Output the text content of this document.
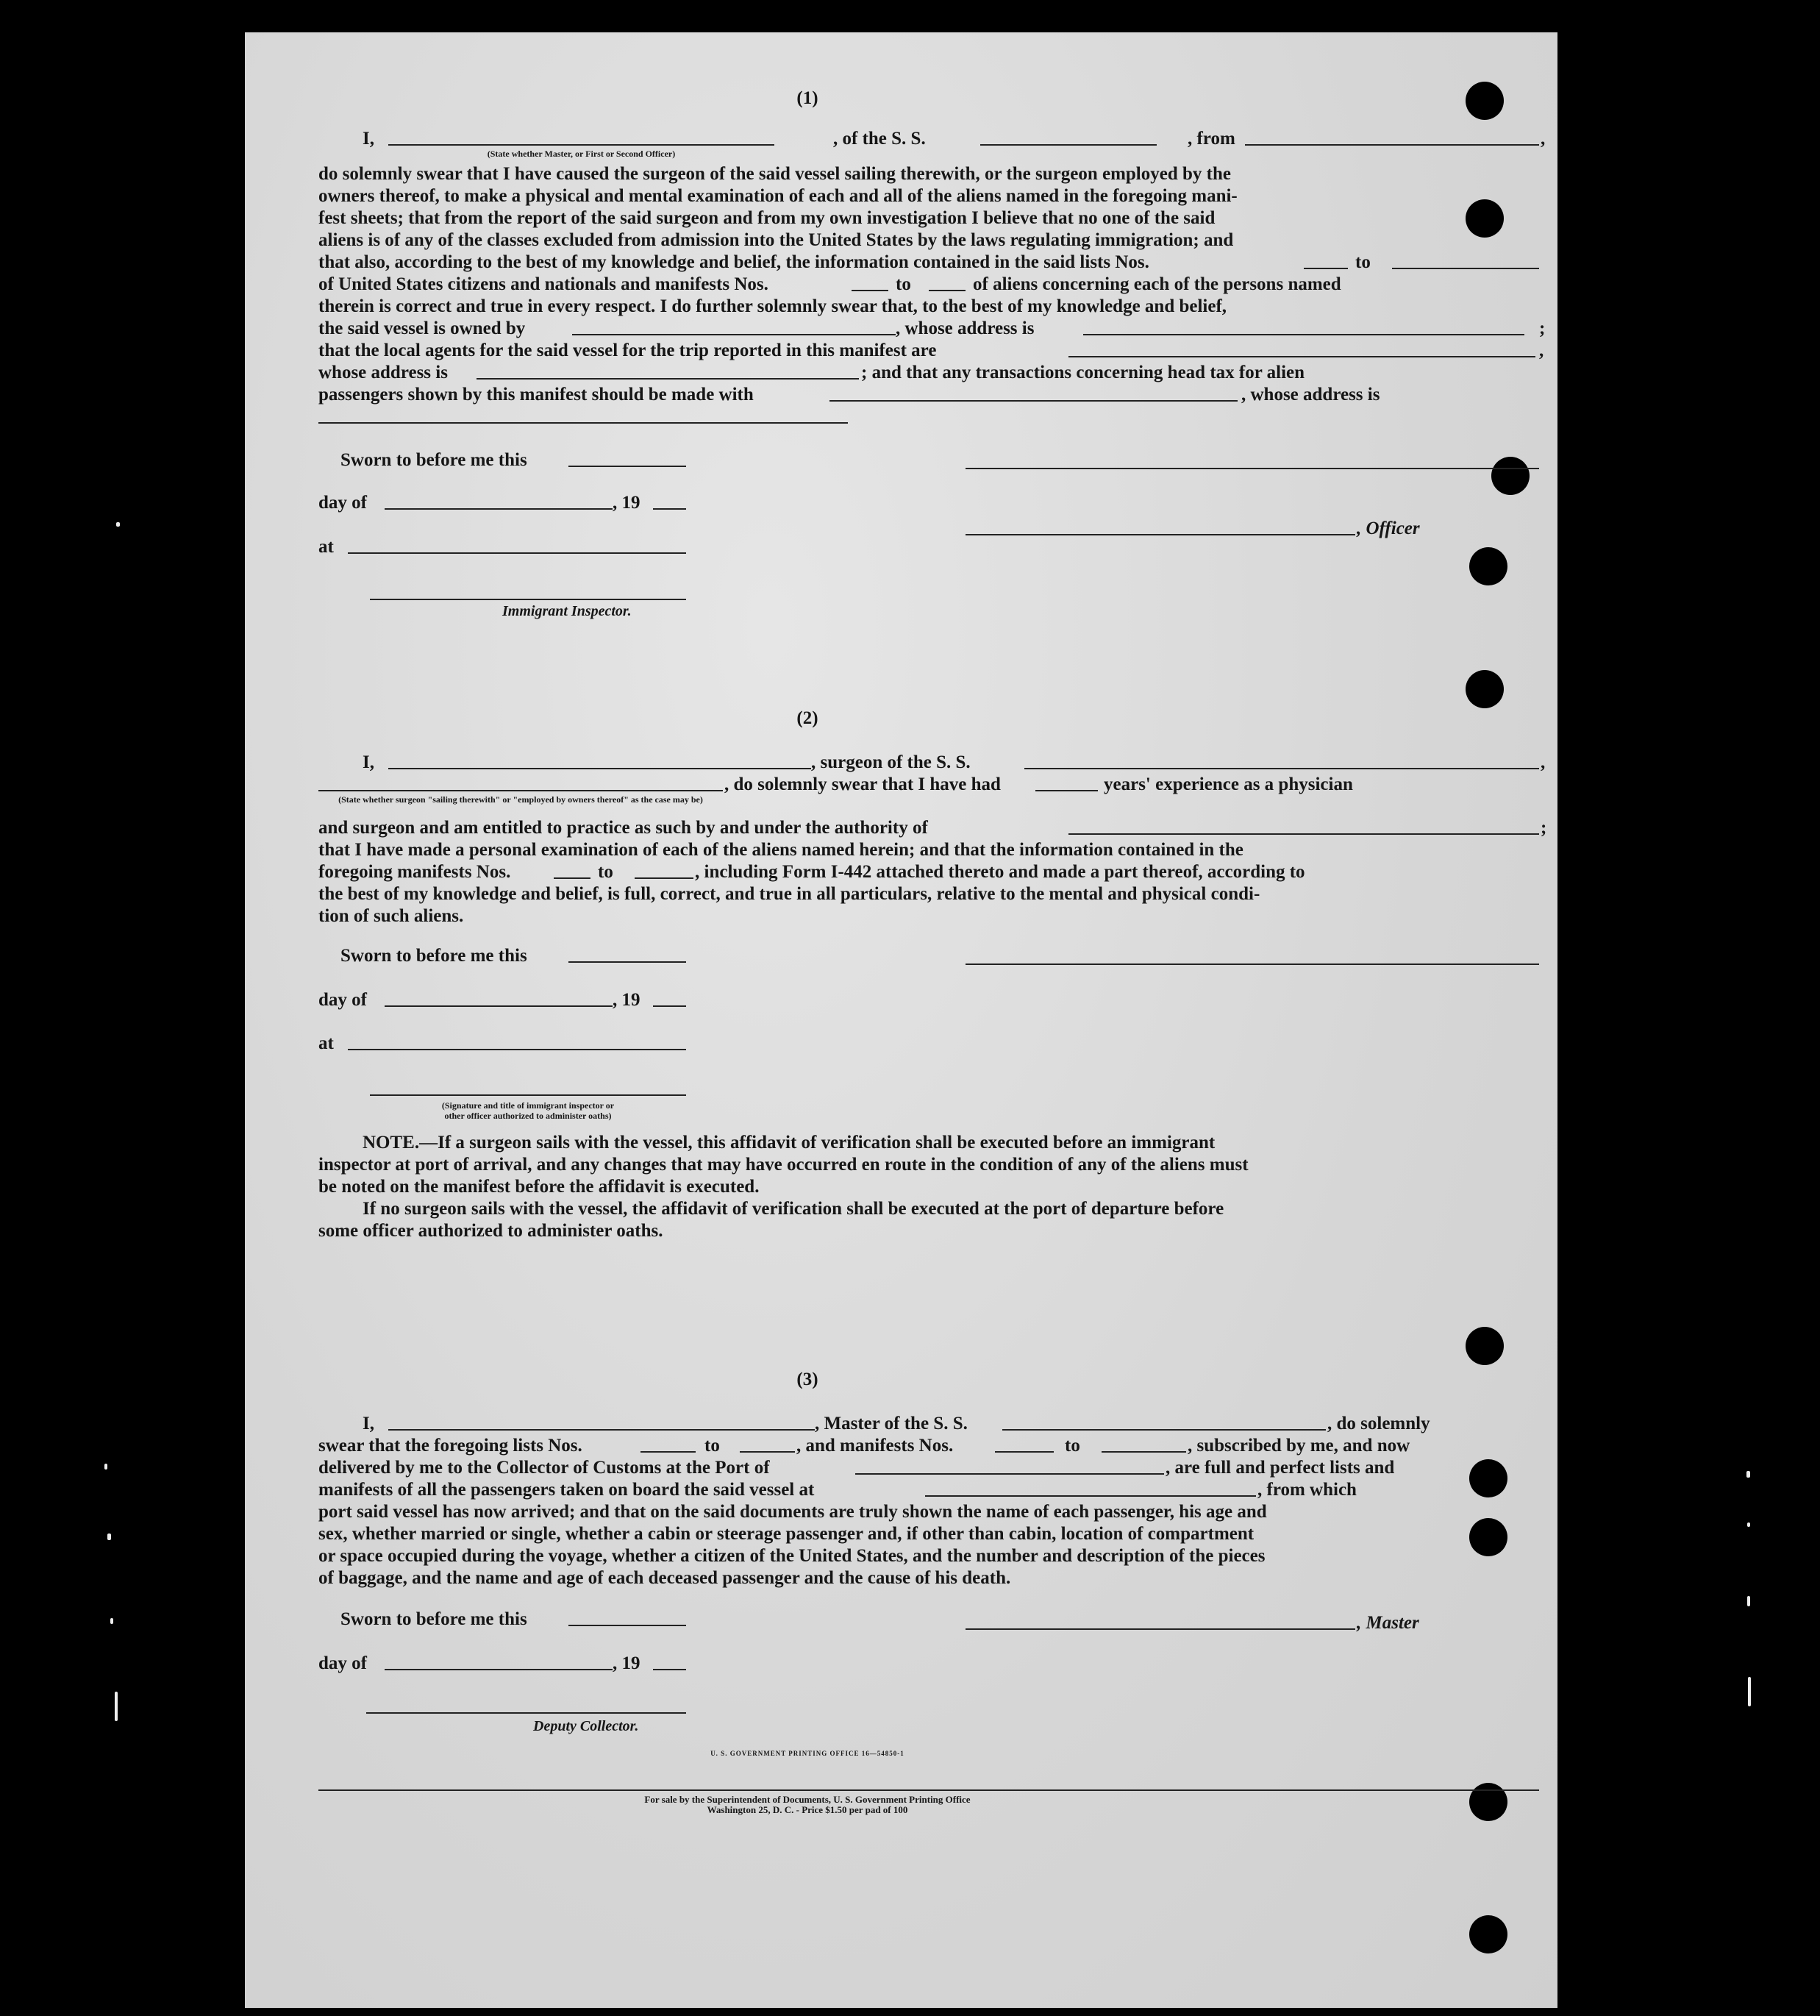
(1)
I,	, of the S. S.	, from	,
(State whether Master, or First or Second Officer)
do solemnly swear that I have caused the surgeon of the said vessel sailing therewith, or the surgeon employed by the
owners thereof, to make a physical and mental examination of each and all of the aliens named in the foregoing mani-
fest sheets; that from the report of the said surgeon and from my own investigation I believe that no one of the said
aliens is of any of the classes excluded from admission into the United States by the laws regulating immigration; and
that also, according to the best of my knowledge and belief, the information contained in the said lists Nos.	to
of United States citizens and nationals and manifests Nos.	to	of aliens concerning each of the persons named
therein is correct and true in every respect. I do further solemnly swear that, to the best of my knowledge and belief,
the said vessel is owned by	, whose address is	;
that the local agents for the said vessel for the trip reported in this manifest are	,
whose address is	; and that any transactions concerning head tax for alien
passengers shown by this manifest should be made with	, whose address is
Sworn to before me this
day of	, 19
, Officer
at
Immigrant Inspector.
(2)
I,	, surgeon of the S. S.	,
, do solemnly swear that I have had	years' experience as a physician
(State whether surgeon "sailing therewith" or "employed by owners thereof" as the case may be)
and surgeon and am entitled to practice as such by and under the authority of	;
that I have made a personal examination of each of the aliens named herein; and that the information contained in the
foregoing manifests Nos.	to	, including Form I-442 attached thereto and made a part thereof, according to
the best of my knowledge and belief, is full, correct, and true in all particulars, relative to the mental and physical condi-
tion of such aliens.
Sworn to before me this
day of	, 19
at
(Signature and title of immigrant inspector or
other officer authorized to administer oaths)
NOTE.—If a surgeon sails with the vessel, this affidavit of verification shall be executed before an immigrant
inspector at port of arrival, and any changes that may have occurred en route in the condition of any of the aliens must
be noted on the manifest before the affidavit is executed.
If no surgeon sails with the vessel, the affidavit of verification shall be executed at the port of departure before
some officer authorized to administer oaths.
(3)
I,	, Master of the S. S.	, do solemnly
swear that the foregoing lists Nos.	to	, and manifests Nos.	to	, subscribed by me, and now
delivered by me to the Collector of Customs at the Port of	, are full and perfect lists and
manifests of all the passengers taken on board the said vessel at	, from which
port said vessel has now arrived; and that on the said documents are truly shown the name of each passenger, his age and
sex, whether married or single, whether a cabin or steerage passenger and, if other than cabin, location of compartment
or space occupied during the voyage, whether a citizen of the United States, and the number and description of the pieces
of baggage, and the name and age of each deceased passenger and the cause of his death.
Sworn to before me this	, Master
day of	, 19
Deputy Collector.
U. S. GOVERNMENT PRINTING OFFICE 16—54850-1
For sale by the Superintendent of Documents, U. S. Government Printing Office
Washington 25, D. C. - Price $1.50 per pad of 100
